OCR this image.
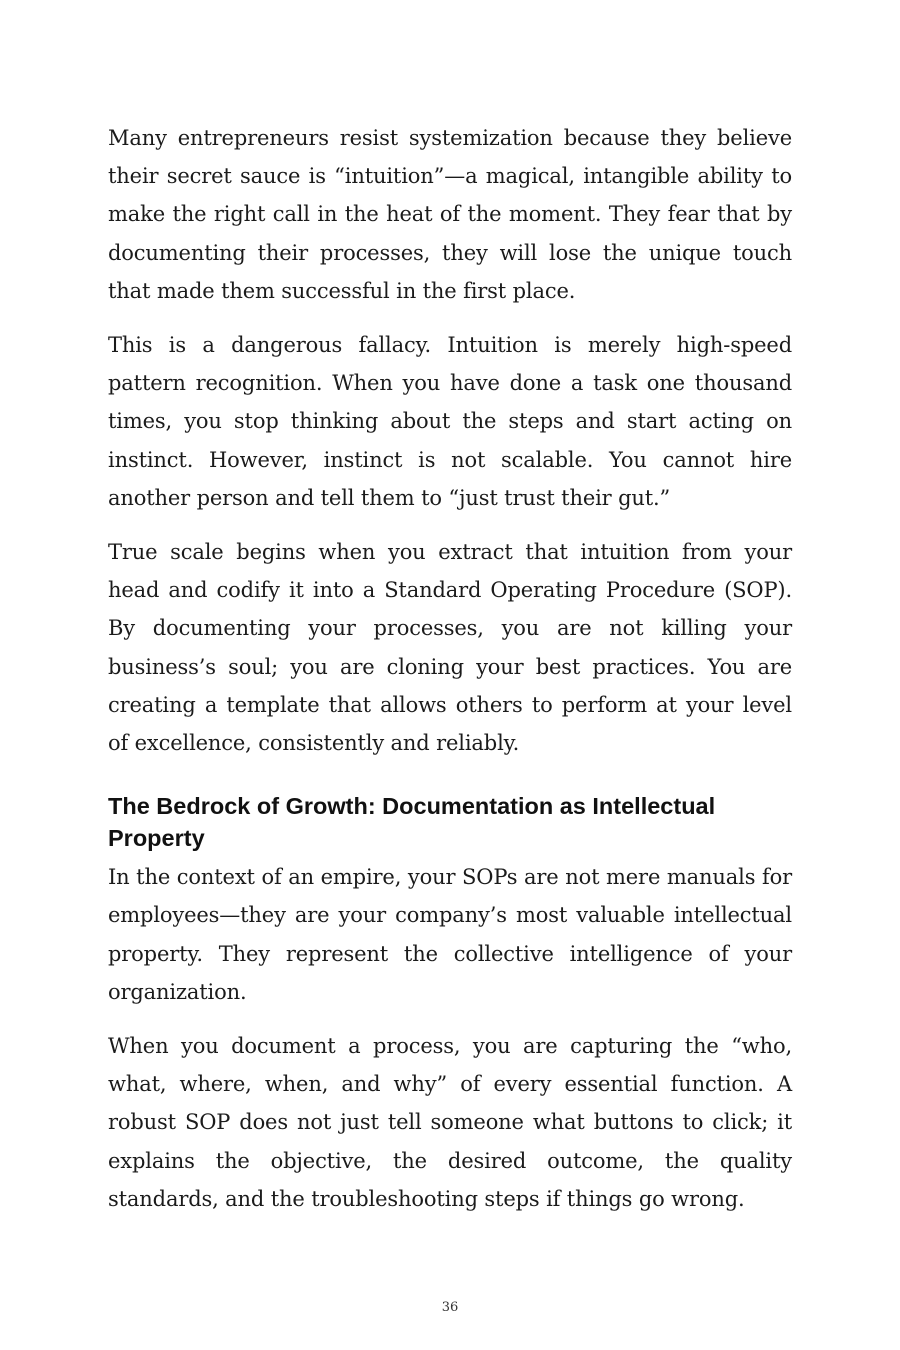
Many entrepreneurs resist systemization because they believe their secret sauce is “intuition”—a magical, intangible ability to make the right call in the heat of the moment. They fear that by documenting their processes, they will lose the unique touch that made them successful in the first place.

This is a dangerous fallacy. Intuition is merely high-speed pattern recognition. When you have done a task one thousand times, you stop thinking about the steps and start acting on instinct. However, instinct is not scalable. You cannot hire another person and tell them to “just trust their gut.”

True scale begins when you extract that intuition from your head and codify it into a Standard Operating Procedure (SOP). By documenting your processes, you are not killing your business’s soul; you are cloning your best practices. You are creating a template that allows others to perform at your level of excellence, consistently and reliably.

The Bedrock of Growth: Documentation as Intellectual Property

In the context of an empire, your SOPs are not mere manuals for employees—they are your company’s most valuable intellectual property. They represent the collective intelligence of your organization.

When you document a process, you are capturing the “who, what, where, when, and why” of every essential function. A robust SOP does not just tell someone what buttons to click; it explains the objective, the desired outcome, the quality standards, and the troubleshooting steps if things go wrong.

36
